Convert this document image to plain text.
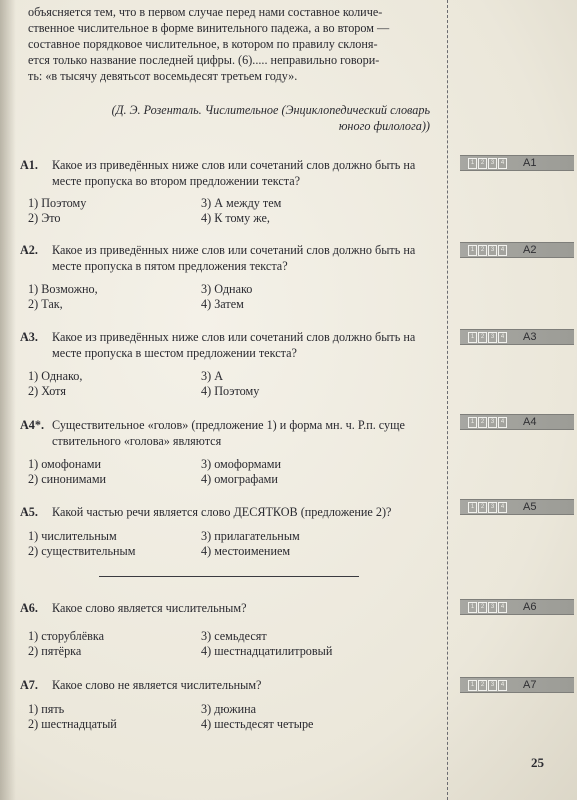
объясняется тем, что в первом случае перед нами составное количе-

ственное числительное в форме винительного падежа, а во втором —

составное порядковое числительное, в котором по правилу склоня-

ется только название последней цифры. (6)..... неправильно говори-

ть: «в тысячу девятьсот восемьдесят третьем году».

(Д. Э. Розенталь. Числительное (Энциклопедический словарь
юного филолога))
А1. Какое из приведённых ниже слов или сочетаний слов должно быть на месте пропуска во втором предложении текста?
1) Поэтому	3) А между тем
2) Это	4) К тому же,
А2. Какое из приведённых ниже слов или сочетаний слов должно быть на месте пропуска в пятом предложения текста?
1) Возможно,	3) Однако
2) Так,	4) Затем
А3. Какое из приведённых ниже слов или сочетаний слов должно быть на месте пропуска в шестом предложении текста?
1) Однако,	3) А
2) Хотя	4) Поэтому
А4*. Существительное «голов» (предложение 1) и форма мн. ч. Р.п. суще ствительного «голова» являются
1) омофонами	3) омоформами
2) синонимами	4) омографами
А5. Какой частью речи является слово ДЕСЯТКОВ (предложение 2)?
1) числительным	3) прилагательным
2) существительным	4) местоимением
А6. Какое слово является числительным?
1) сторублёвка	3) семьдесят
2) пятёрка	4) шестнадцатилитровый
А7. Какое слово не является числительным?
1) пять	3) дюжина
2) шестнадцатый	4) шестьдесят четыре
1	2	3	4 А1
1	2	3	4 А2
1	2	3	4 А3
1	2	3	4 А4
1	2	3	4 А5
1	2	3	4 А6
1	2	3	4 А7
25
